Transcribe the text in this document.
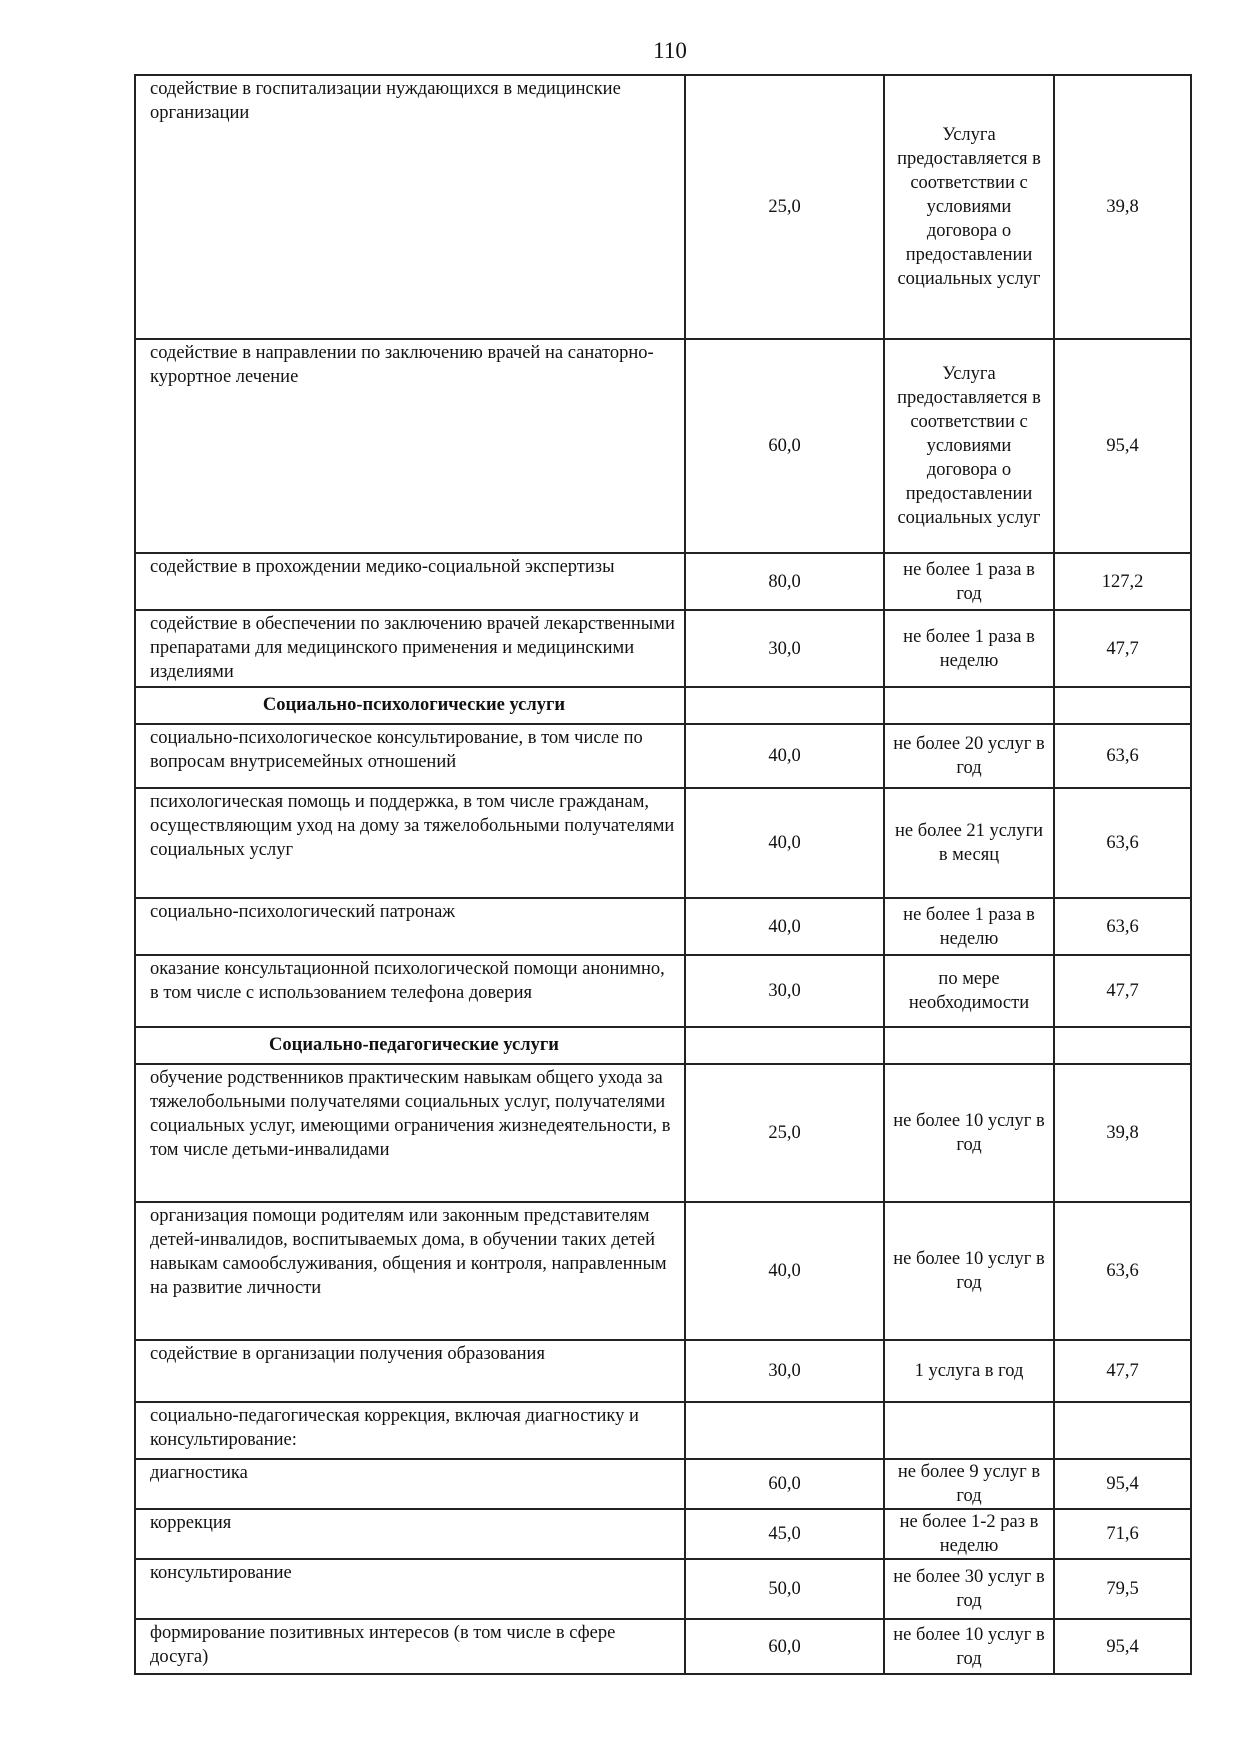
110
содействие в госпитализации нуждающихся в медицинские организации	25,0	Услуга предоставляется в соответствии с условиями договора о предоставлении социальных услуг	39,8
содействие в направлении по заключению врачей на санаторно-курортное лечение	60,0	Услуга предоставляется в соответствии с условиями договора о предоставлении социальных услуг	95,4
содействие в прохождении медико-социальной экспертизы	80,0	не более 1 раза в год	127,2
содействие в обеспечении по заключению врачей лекарственными препаратами для медицинского применения и медицинскими изделиями	30,0	не более 1 раза в неделю	47,7
Социально-психологические услуги			
социально-психологическое консультирование, в том числе по вопросам внутрисемейных отношений	40,0	не более 20 услуг в год	63,6
психологическая помощь и поддержка, в том числе гражданам, осуществляющим уход на дому за тяжелобольными получателями социальных услуг	40,0	не более 21 услуги в месяц	63,6
социально-психологический патронаж	40,0	не более 1 раза в неделю	63,6
оказание консультационной психологической помощи анонимно, в том числе с использованием телефона доверия	30,0	по мере необходимости	47,7
Социально-педагогические услуги			
обучение родственников практическим навыкам общего ухода за тяжелобольными получателями социальных услуг, получателями социальных услуг, имеющими ограничения жизнедеятельности, в том числе детьми-инвалидами	25,0	не более 10 услуг в год	39,8
организация помощи родителям или законным представителям детей-инвалидов, воспитываемых дома, в обучении таких детей навыкам самообслуживания, общения и контроля, направленным на развитие личности	40,0	не более 10 услуг в год	63,6
содействие в организации получения образования	30,0	1 услуга в год	47,7
социально-педагогическая коррекция, включая диагностику и консультирование:			
диагностика	60,0	не более 9 услуг в год	95,4
коррекция	45,0	не более 1-2 раз в неделю	71,6
консультирование	50,0	не более 30 услуг в год	79,5
формирование позитивных интересов (в том числе в сфере досуга)	60,0	не более 10 услуг в год	95,4
